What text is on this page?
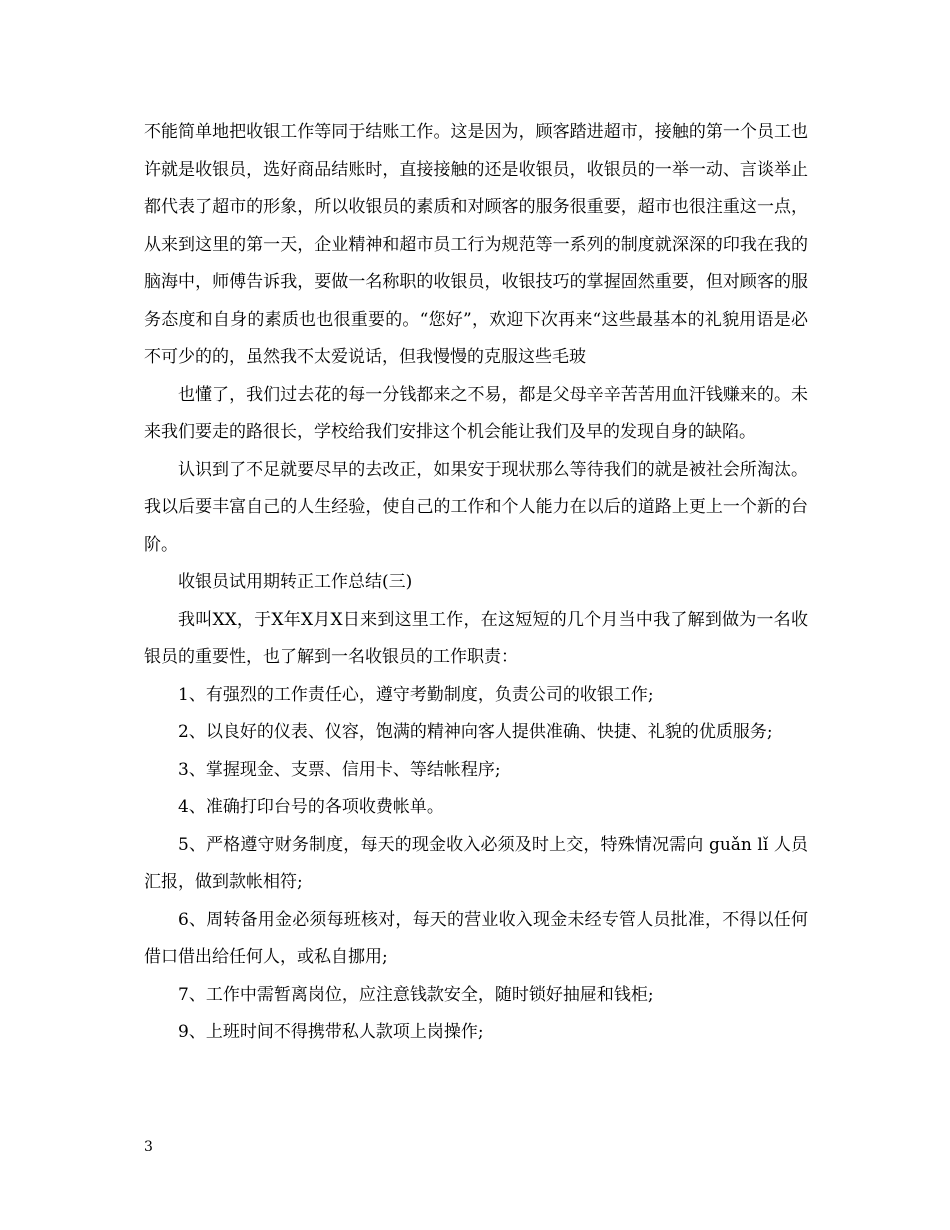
不能简单地把收银工作等同于结账工作。这是因为，顾客踏进超市，接触的第一个员工也许就是收银员，选好商品结账时，直接接触的还是收银员，收银员的一举一动、言谈举止都代表了超市的形象，所以收银员的素质和对顾客的服务很重要，超市也很注重这一点，从来到这里的第一天，企业精神和超市员工行为规范等一系列的制度就深深的印我在我的脑海中，师傅告诉我，要做一名称职的收银员，收银技巧的掌握固然重要，但对顾客的服务态度和自身的素质也也很重要的。“您好”，欢迎下次再来“这些最基本的礼貌用语是必不可少的的，虽然我不太爱说话，但我慢慢的克服这些毛玻

也懂了，我们过去花的每一分钱都来之不易，都是父母辛辛苦苦用血汗钱赚来的。未来我们要走的路很长，学校给我们安排这个机会能让我们及早的发现自身的缺陷。

认识到了不足就要尽早的去改正，如果安于现状那么等待我们的就是被社会所淘汰。我以后要丰富自己的人生经验，使自己的工作和个人能力在以后的道路上更上一个新的台阶。

收银员试用期转正工作总结(三)

我叫XX，于X年X月X日来到这里工作，在这短短的几个月当中我了解到做为一名收银员的重要性，也了解到一名收银员的工作职责：

1、有强烈的工作责任心，遵守考勤制度，负责公司的收银工作;

2、以良好的仪表、仪容，饱满的精神向客人提供准确、快捷、礼貌的优质服务;

3、掌握现金、支票、信用卡、等结帐程序;

4、准确打印台号的各项收费帐单。

5、严格遵守财务制度，每天的现金收入必须及时上交，特殊情况需向 guǎn lǐ 人员汇报，做到款帐相符;

6、周转备用金必须每班核对，每天的营业收入现金未经专管人员批准，不得以任何借口借出给任何人，或私自挪用;

7、工作中需暂离岗位，应注意钱款安全，随时锁好抽屉和钱柜;

9、上班时间不得携带私人款项上岗操作;

3
